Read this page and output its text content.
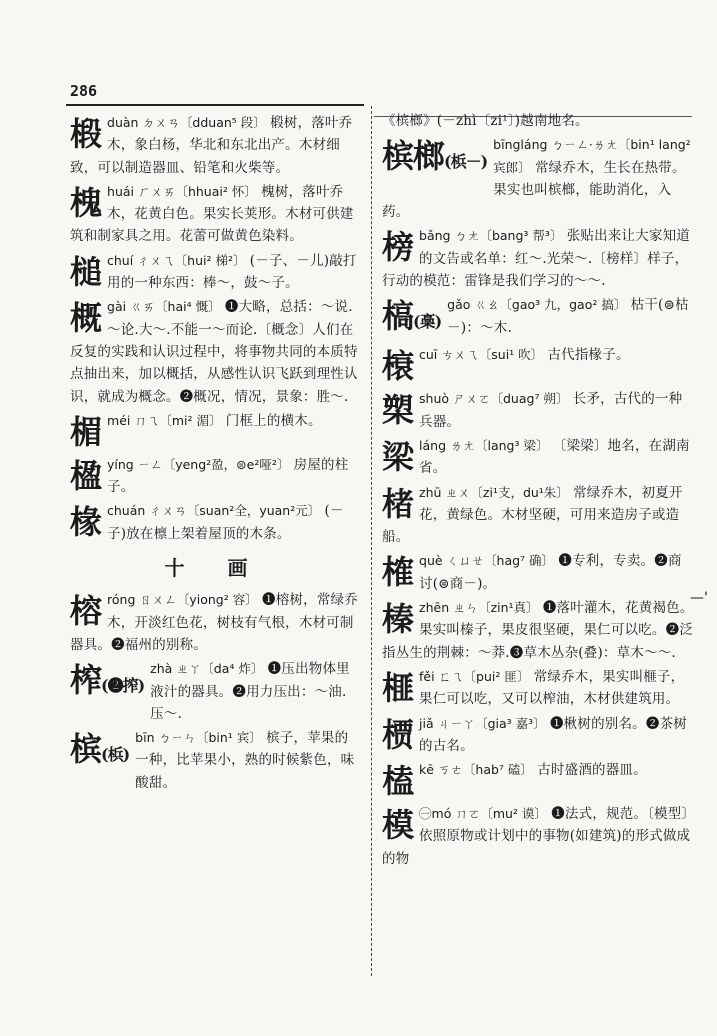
286
—'
椴duàn ㄉㄨㄢ〔dduan⁵ 段〕 椴树，落叶乔木，象白杨，华北和东北出产。木材细致，可以制造器皿、铅笔和火柴等。
槐huái ㄏㄨㄞ〔hhuai² 怀〕 槐树，落叶乔木，花黄白色。果实长荚形。木材可供建筑和制家具之用。花蕾可做黄色染料。
槌chuí ㄔㄨㄟ〔hui² 梯²〕 (－子、－儿)敲打用的一种东西：棒～，鼓～子。
概gài ㄍㄞ〔hai⁴ 慨〕 ❶大略，总括：～说.～论.大～.不能一～而论.〔概念〕人们在反复的实践和认识过程中，将事物共同的本质特点抽出来，加以概括，从感性认识飞跃到理性认识，就成为概念。❷概况，情况，景象：胜～.
楣méi ㄇㄟ〔mi² 湄〕 门框上的横木。
楹yíng ㄧㄥ〔yeng²盈，⊜e²哑²〕 房屋的柱子。
椽chuán ㄔㄨㄢ〔suan²全，yuan²元〕 (－子)放在檩上架着屋顶的木条。
十 画
榕róng ㄖㄨㄥ〔yiong² 容〕 ❶榕树，常绿乔木，开淡红色花，树枝有气根，木材可制器具。❷福州的别称。
榨(❷搾)
zhà ㄓㄚ〔da⁴ 炸〕 ❶压出物体里液汁的器具。❷用力压出：～油.压～.
槟(梹)
bīn ㄅㄧㄣ〔bin¹ 宾〕 槟子，苹果的一种，比苹果小，熟的时候紫色，味酸甜。
《槟榔》(－zhì〔zi¹〕)越南地名。
槟榔(梹－)
bīngláng ㄅㄧㄥ·ㄌㄤ〔bin¹ lang² 宾郎〕 常绿乔木，生长在热带。果实也叫槟榔，能助消化，入药。
榜bǎng ㄅㄤ〔bang³ 帮³〕 张贴出来让大家知道的文告或名单：红～.光荣～.〔榜样〕样子，行动的模范：雷锋是我们学习的～～.
槁(槀)
gǎo ㄍㄠ〔gao³ 九，gao² 搞〕 枯干(⊜枯－)：～木.
榱cuī ㄘㄨㄟ〔sui¹ 吹〕 古代指椽子。
槊shuò ㄕㄨㄛ〔duag⁷ 朔〕 长矛，古代的一种兵器。
梁láng ㄌㄤ〔lang³ 梁〕 〔梁梁〕地名，在湖南省。
楮zhū ㄓㄨ〔zi¹支，du¹朱〕 常绿乔木，初夏开花，黄绿色。木材坚硬，可用来造房子或造船。
榷què ㄑㄩㄝ〔hag⁷ 确〕 ❶专利，专卖。❷商讨(⊜商－)。
榛zhēn ㄓㄣ〔zin¹真〕 ❶落叶灌木，花黄褐色。果实叫榛子，果皮很坚硬，果仁可以吃。❷泛指丛生的荆棘：～莽.❸草木丛杂(叠)：草木～～.
榧fěi ㄈㄟ〔pui² 匪〕 常绿乔木，果实叫榧子，果仁可以吃，又可以榨油，木材供建筑用。
槚jiǎ ㄐㄧㄚ〔gia³ 嘉³〕 ❶楸树的别名。❷茶树的古名。
榼kē ㄎㄜ〔hab⁷ 磕〕 古时盛酒的器皿。
模 ㊀mó ㄇㄛ〔mu² 谟〕 ❶法式，规范。〔模型〕依照原物或计划中的事物(如建筑)的形式做成的物
